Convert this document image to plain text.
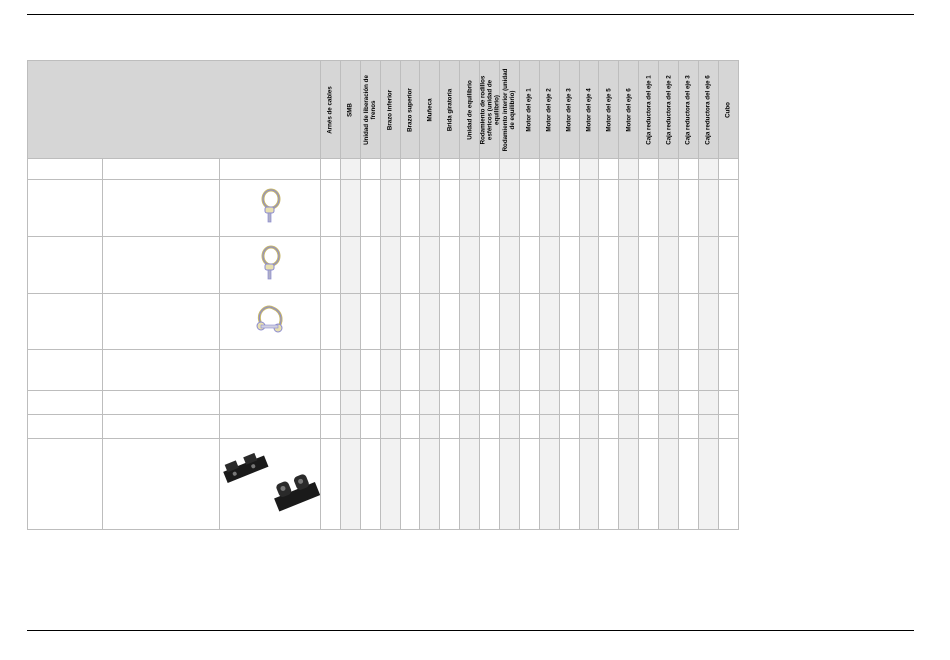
			Arnés de cables	SMB	Unidad de liberación de frenos	Brazo inferior	Brazo superior	Muñeca	Brida giratoria	Unidad de equilibrio	Rodamiento de rodillos esféricos (unidad de equilibrio)	Rodamiento interior (unidad de equilibrio)	Motor del eje 1	Motor del eje 2	Motor del eje 3	Motor del eje 4	Motor del eje 5	Motor del eje 6	Caja reductora del eje 1	Caja reductora del eje 2	Caja reductora del eje 3	Caja reductora del eje 6	Cubo
